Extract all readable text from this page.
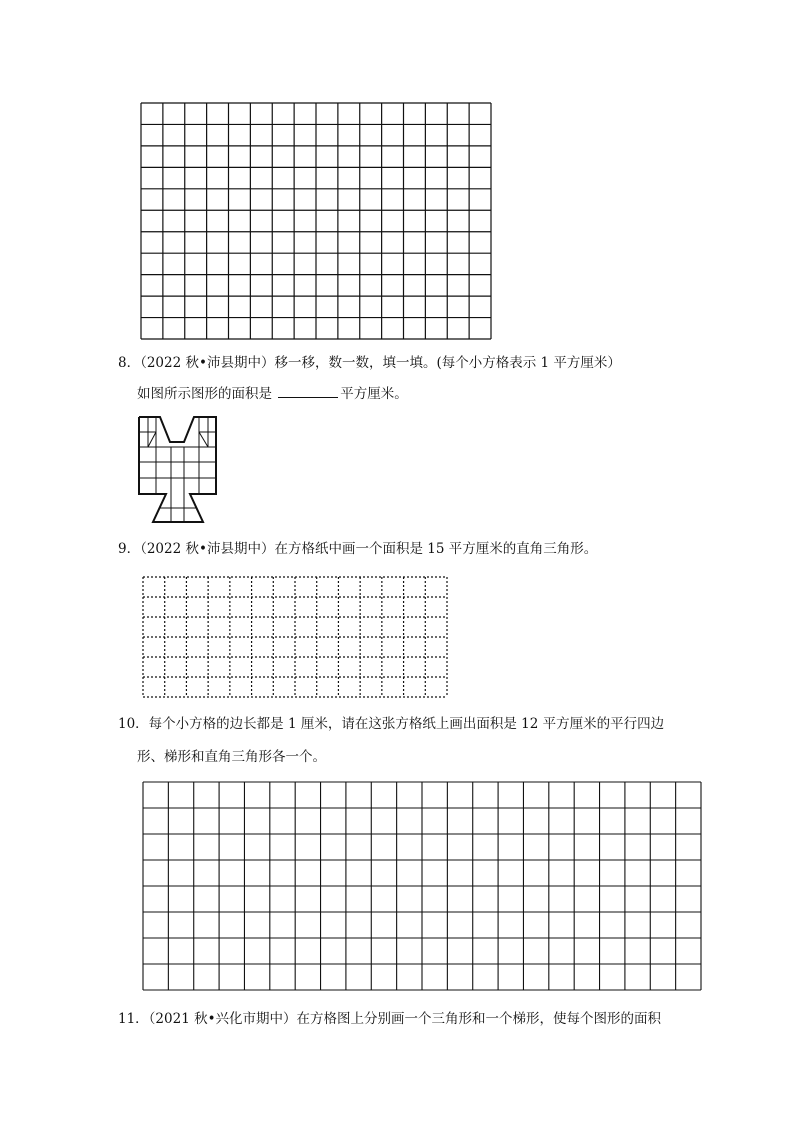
8．（2022 秋•沛县期中）移一移，数一数，填一填。(每个小方格表示 1 平方厘米）
如图所示图形的面积是	平方厘米。
9．（2022 秋•沛县期中）在方格纸中画一个面积是 15 平方厘米的直角三角形。
10．每个小方格的边长都是 1 厘米，请在这张方格纸上画出面积是 12 平方厘米的平行四边
形、梯形和直角三角形各一个。
11．（2021 秋•兴化市期中）在方格图上分别画一个三角形和一个梯形，使每个图形的面积
